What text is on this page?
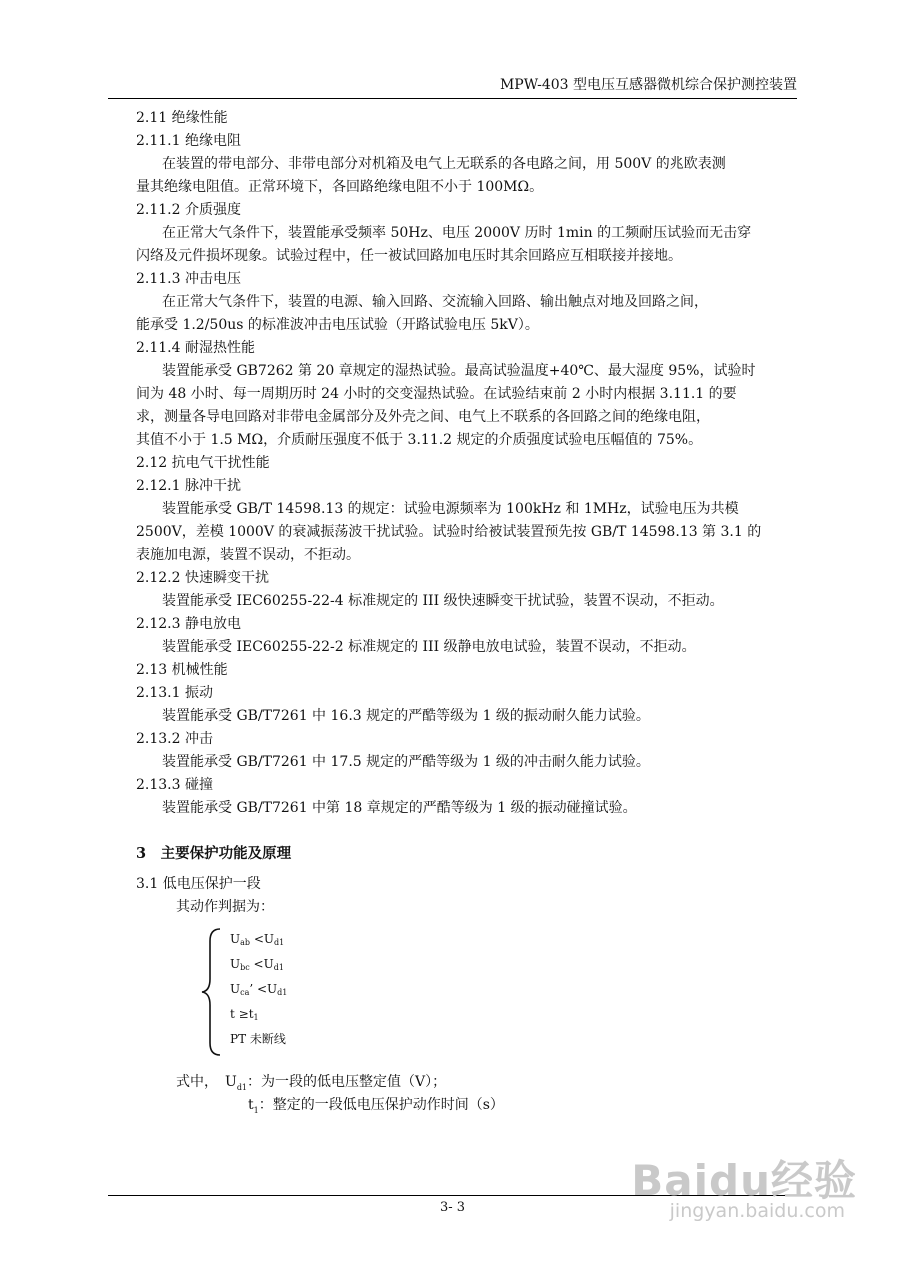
MPW-403 型电压互感器微机综合保护测控装置
2.11 绝缘性能
2.11.1 绝缘电阻
在装置的带电部分、非带电部分对机箱及电气上无联系的各电路之间，用 500V 的兆欧表测
量其绝缘电阻值。正常环境下，各回路绝缘电阻不小于 100MΩ。
2.11.2 介质强度
在正常大气条件下，装置能承受频率 50Hz、电压 2000V 历时 1min 的工频耐压试验而无击穿
闪络及元件损坏现象。试验过程中，任一被试回路加电压时其余回路应互相联接并接地。
2.11.3 冲击电压
在正常大气条件下，装置的电源、输入回路、交流输入回路、输出触点对地及回路之间，
能承受 1.2/50us 的标准波冲击电压试验（开路试验电压 5kV）。
2.11.4 耐湿热性能
装置能承受 GB7262 第 20 章规定的湿热试验。最高试验温度+40℃、最大湿度 95%，试验时
间为 48 小时、每一周期历时 24 小时的交变湿热试验。在试验结束前 2 小时内根据 3.11.1 的要
求，测量各导电回路对非带电金属部分及外壳之间、电气上不联系的各回路之间的绝缘电阻，
其值不小于 1.5 MΩ，介质耐压强度不低于 3.11.2 规定的介质强度试验电压幅值的 75%。
2.12 抗电气干扰性能
2.12.1 脉冲干扰
装置能承受 GB/T 14598.13 的规定：试验电源频率为 100kHz 和 1MHz，试验电压为共模
2500V，差模 1000V 的衰减振荡波干扰试验。试验时给被试装置预先按 GB/T 14598.13 第 3.1 的
表施加电源，装置不误动，不拒动。
2.12.2 快速瞬变干扰
装置能承受 IEC60255-22-4 标准规定的 III 级快速瞬变干扰试验，装置不误动，不拒动。
2.12.3 静电放电
装置能承受 IEC60255-22-2 标准规定的 III 级静电放电试验，装置不误动，不拒动。
2.13 机械性能
2.13.1 振动
装置能承受 GB/T7261 中 16.3 规定的严酷等级为 1 级的振动耐久能力试验。
2.13.2 冲击
装置能承受 GB/T7261 中 17.5 规定的严酷等级为 1 级的冲击耐久能力试验。
2.13.3 碰撞
装置能承受 GB/T7261 中第 18 章规定的严酷等级为 1 级的振动碰撞试验。
3　主要保护功能及原理
3.1 低电压保护一段
其动作判据为：
$U_{ab} <U_{d1}$
$U_{bc} <U_{d1}$
$U_{ca}$’ $<U_{d1}$
$t \ge t_1$
PT 未断线
式中，　$U_{d1}$：为一段的低电压整定值（V）；
$t_1$：整定的一段低电压保护动作时间（s）
3- 3
Baidu经验
jingyan.baidu.com
